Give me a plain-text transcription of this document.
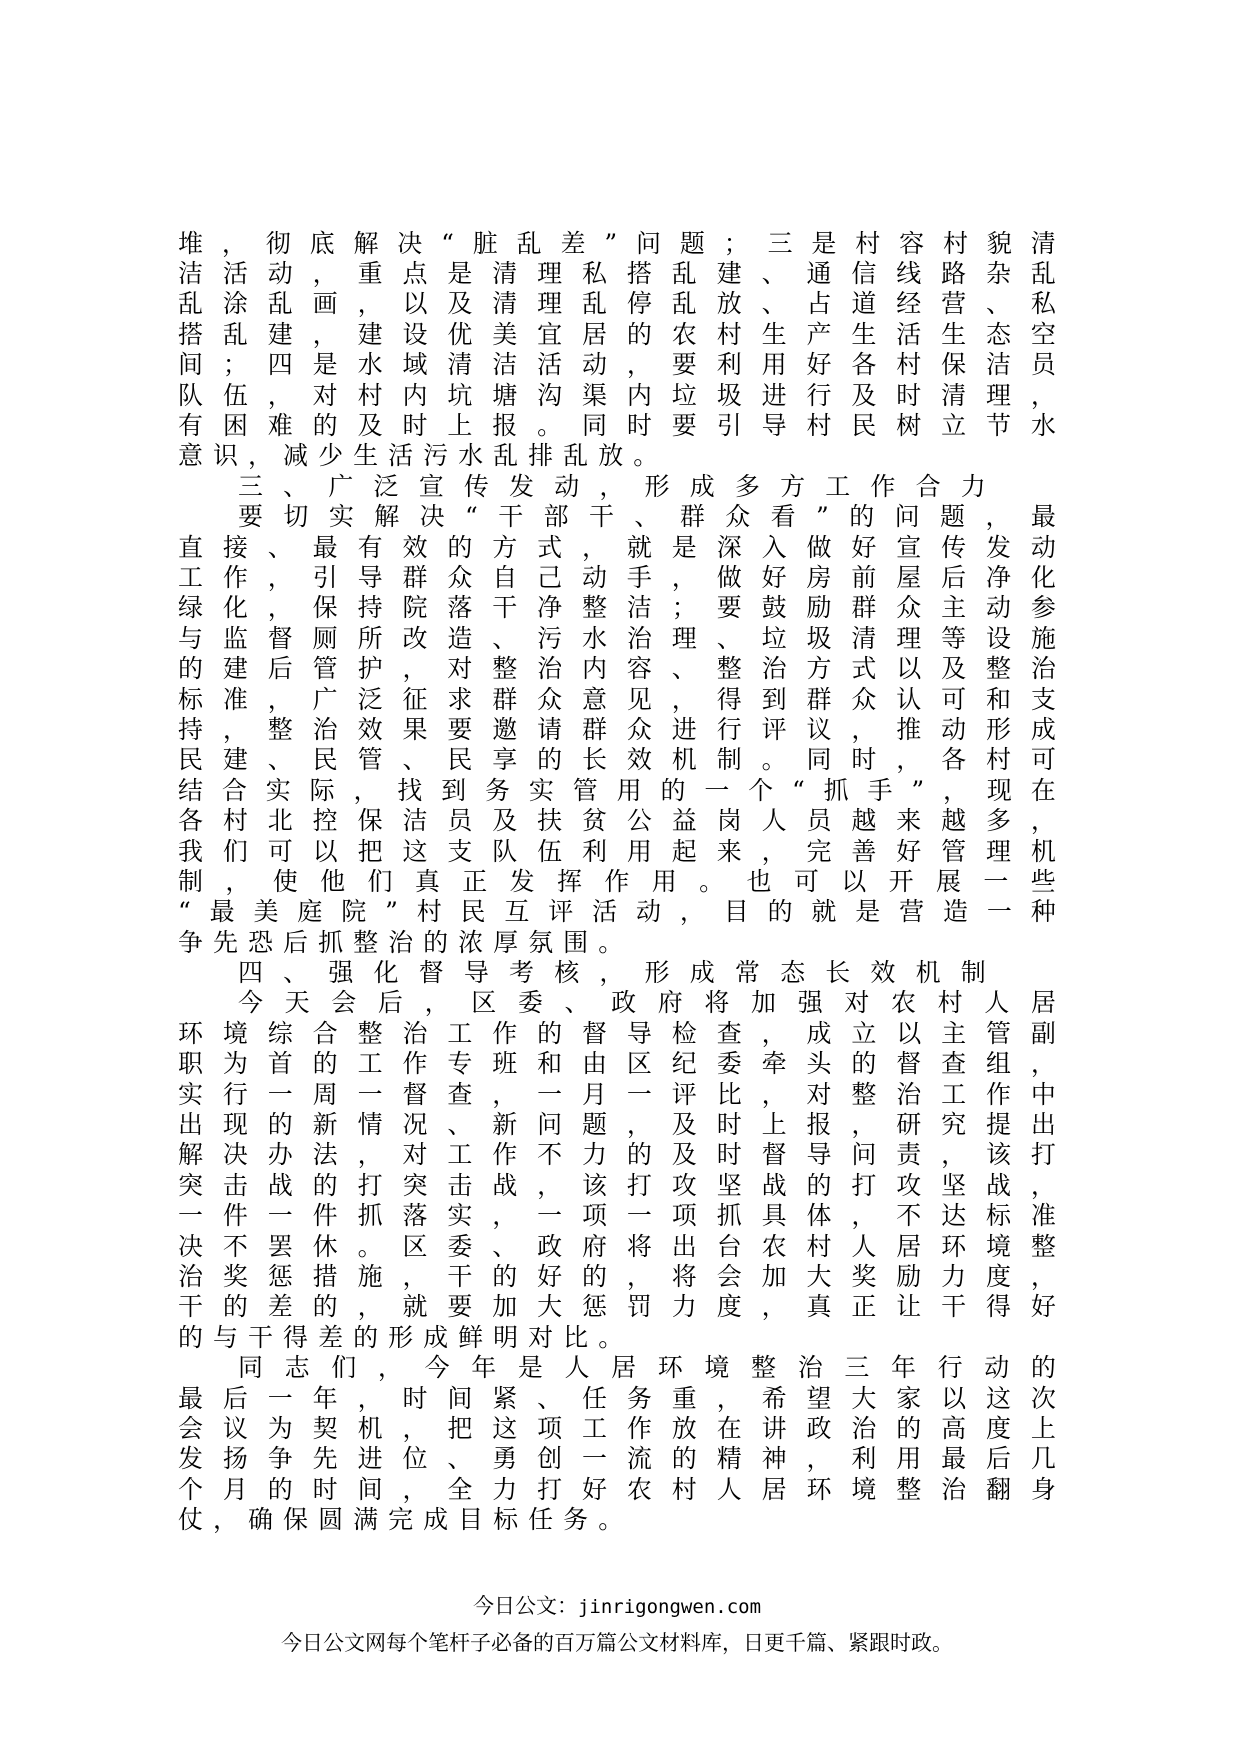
堆 ， 彻 底 解 决 “ 脏 乱 差 ” 问 题 ； 三 是 村 容 村 貌 清
洁 活 动 ， 重 点 是 清 理 私 搭 乱 建 、 通 信 线 路 杂 乱
乱 涂 乱 画 ， 以 及 清 理 乱 停 乱 放 、 占 道 经 营 、 私
搭 乱 建 ， 建 设 优 美 宜 居 的 农 村 生 产 生 活 生 态 空
间 ； 四 是 水 域 清 洁 活 动 ， 要 利 用 好 各 村 保 洁 员
队 伍 ， 对 村 内 坑 塘 沟 渠 内 垃 圾 进 行 及 时 清 理 ，
有 困 难 的 及 时 上 报 。 同 时 要 引 导 村 民 树 立 节 水
意 识 ， 减 少 生 活 污 水 乱 排 乱 放 。
三 、 广 泛 宣 传 发 动 ， 形 成 多 方 工 作 合 力
要 切 实 解 决 “ 干 部 干 、 群 众 看 ” 的 问 题 ， 最
直 接 、 最 有 效 的 方 式 ， 就 是 深 入 做 好 宣 传 发 动
工 作 ， 引 导 群 众 自 己 动 手 ， 做 好 房 前 屋 后 净 化
绿 化 ， 保 持 院 落 干 净 整 洁 ； 要 鼓 励 群 众 主 动 参
与 监 督 厕 所 改 造 、 污 水 治 理 、 垃 圾 清 理 等 设 施
的 建 后 管 护 ， 对 整 治 内 容 、 整 治 方 式 以 及 整 治
标 准 ， 广 泛 征 求 群 众 意 见 ， 得 到 群 众 认 可 和 支
持 ， 整 治 效 果 要 邀 请 群 众 进 行 评 议 ， 推 动 形 成
民 建 、 民 管 、 民 享 的 长 效 机 制 。 同 时 ， 各 村 可
结 合 实 际 ， 找 到 务 实 管 用 的 一 个 “ 抓 手 ” ， 现 在
各 村 北 控 保 洁 员 及 扶 贫 公 益 岗 人 员 越 来 越 多 ，
我 们 可 以 把 这 支 队 伍 利 用 起 来 ， 完 善 好 管 理 机
制 ， 使 他 们 真 正 发 挥 作 用 。 也 可 以 开 展 一 些
“ 最 美 庭 院 ” 村 民 互 评 活 动 ， 目 的 就 是 营 造 一 种
争 先 恐 后 抓 整 治 的 浓 厚 氛 围 。
四 、 强 化 督 导 考 核 ， 形 成 常 态 长 效 机 制
今 天 会 后 ， 区 委 、 政 府 将 加 强 对 农 村 人 居
环 境 综 合 整 治 工 作 的 督 导 检 查 ， 成 立 以 主 管 副
职 为 首 的 工 作 专 班 和 由 区 纪 委 牵 头 的 督 查 组 ，
实 行 一 周 一 督 查 ， 一 月 一 评 比 ， 对 整 治 工 作 中
出 现 的 新 情 况 、 新 问 题 ， 及 时 上 报 ， 研 究 提 出
解 决 办 法 ， 对 工 作 不 力 的 及 时 督 导 问 责 ， 该 打
突 击 战 的 打 突 击 战 ， 该 打 攻 坚 战 的 打 攻 坚 战 ，
一 件 一 件 抓 落 实 ， 一 项 一 项 抓 具 体 ， 不 达 标 准
决 不 罢 休 。 区 委 、 政 府 将 出 台 农 村 人 居 环 境 整
治 奖 惩 措 施 ， 干 的 好 的 ， 将 会 加 大 奖 励 力 度 ，
干 的 差 的 ， 就 要 加 大 惩 罚 力 度 ， 真 正 让 干 得 好
的 与 干 得 差 的 形 成 鲜 明 对 比 。
同 志 们 ， 今 年 是 人 居 环 境 整 治 三 年 行 动 的
最 后 一 年 ， 时 间 紧 、 任 务 重 ， 希 望 大 家 以 这 次
会 议 为 契 机 ， 把 这 项 工 作 放 在 讲 政 治 的 高 度 上
发 扬 争 先 进 位 、 勇 创 一 流 的 精 神 ， 利 用 最 后 几
个 月 的 时 间 ， 全 力 打 好 农 村 人 居 环 境 整 治 翻 身
仗 ， 确 保 圆 满 完 成 目 标 任 务 。
今日公文：jinrigongwen.com
今日公文网每个笔杆子必备的百万篇公文材料库，日更千篇、紧跟时政。
